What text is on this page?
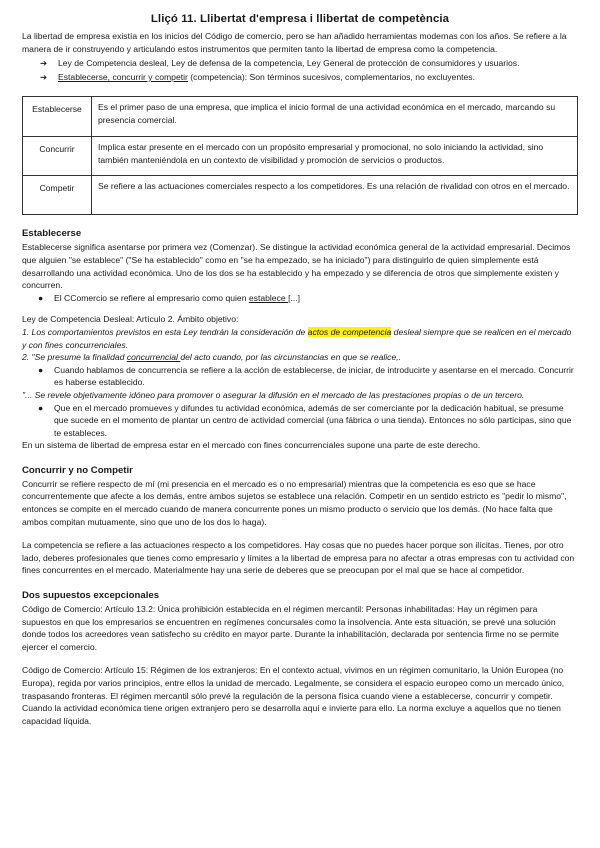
Lliçó 11. Llibertat d'empresa i llibertat de competència

La libertad de empresa existía en los inicios del Código de comercio, pero se han añadido herramientas modernas con los años. Se refiere a la manera de ir construyendo y articulando estos instrumentos que permiten tanto la libertad de empresa como la competencia.

➔ Ley de Competencia desleal, Ley de defensa de la competencia, Ley General de protección de consumidores y usuarios.
➔ Establecerse, concurrir y competir (competencia): Son términos sucesivos, complementarios, no excluyentes.
Establecerse	Es el primer paso de una empresa, que implica el inicio formal de una actividad económica en el mercado, marcando su presencia comercial.
Concurrir	Implica estar presente en el mercado con un propósito empresarial y promocional, no solo iniciando la actividad, sino también manteniéndola en un contexto de visibilidad y promoción de servicios o productos.
Competir	Se refiere a las actuaciones comerciales respecto a los competidores. Es una relación de rivalidad con otros en el mercado.
Establecerse

Establecerse significa asentarse por primera vez (Comenzar). Se distingue la actividad económica general de la actividad empresarial. Decimos que alguien "se establece" ("Se ha establecido" como en "se ha empezado, se ha iniciado") para distinguirlo de quien simplemente está desarrollando una actividad económica. Uno de los dos se ha establecido y ha empezado y se diferencia de otros que simplemente existen y concurren.

● El CComercio se refiere al empresario como quien establece [...]

Ley de Competencia Desleal: Artículo 2. Ámbito objetivo:

1. Los comportamientos previstos en esta Ley tendrán la consideración de actos de competencia desleal siempre que se realicen en el mercado y con fines concurrenciales.

2. "Se presume la finalidad concurrencial del acto cuando, por las circunstancias en que se realice,.

● Cuando hablamos de concurrencia se refiere a la acción de establecerse, de iniciar, de introducirte y asentarse en el mercado. Concurrir es haberse establecido.

"... Se revele objetivamente idóneo para promover o asegurar la difusión en el mercado de las prestaciones propias o de un tercero.

● Que en el mercado promueves y difundes tu actividad económica, además de ser comerciante por la dedicación habitual, se presume que sucede en el momento de plantar un centro de actividad comercial (una fábrica o una tienda). Entonces no sólo participas, sino que te estableces.

En un sistema de libertad de empresa estar en el mercado con fines concurrenciales supone una parte de este derecho.

Concurrir y no Competir

Concurrir se refiere respecto de mí (mi presencia en el mercado es o no empresarial) mientras que la competencia es eso que se hace concurrentemente que afecte a los demás, entre ambos sujetos se establece una relación. Competir en un sentido estricto es "pedir lo mismo", entonces se compite en el mercado cuando de manera concurrente pones un mismo producto o servicio que los demás. (No hace falta que ambos compitan mutuamente, sino que uno de los dos lo haga).

La competencia se refiere a las actuaciones respecto a los competidores. Hay cosas que no puedes hacer porque son ilícitas. Tienes, por otro lado, deberes profesionales que tienes como empresario y límites a la libertad de empresa para no afectar a otras empresas con tu actividad con fines concurrentes en el mercado. Materialmente hay una serie de deberes que se preocupan por el mal que se hace al competidor.

Dos supuestos excepcionales

Código de Comercio: Artículo 13.2: Única prohibición establecida en el régimen mercantil: Personas inhabilitadas: Hay un régimen para supuestos en que los empresarios se encuentren en regímenes concursales como la insolvencia. Ante esta situación, se prevé una solución donde todos los acreedores vean satisfecho su crédito en mayor parte. Durante la inhabilitación, declarada por sentencia firme no se permite ejercer el comercio.

Código de Comercio: Artículo 15: Régimen de los extranjeros: En el contexto actual, vivimos en un régimen comunitario, la Unión Europea (no Europa), regida por varios principios, entre ellos la unidad de mercado. Legalmente, se considera el espacio europeo como un mercado único, traspasando fronteras. El régimen mercantil sólo prevé la regulación de la persona física cuando viene a establecerse, concurrir y competir. Cuando la actividad económica tiene origen extranjero pero se desarrolla aquí e invierte para ello. La norma excluye a aquellos que no tienen capacidad líquida.
